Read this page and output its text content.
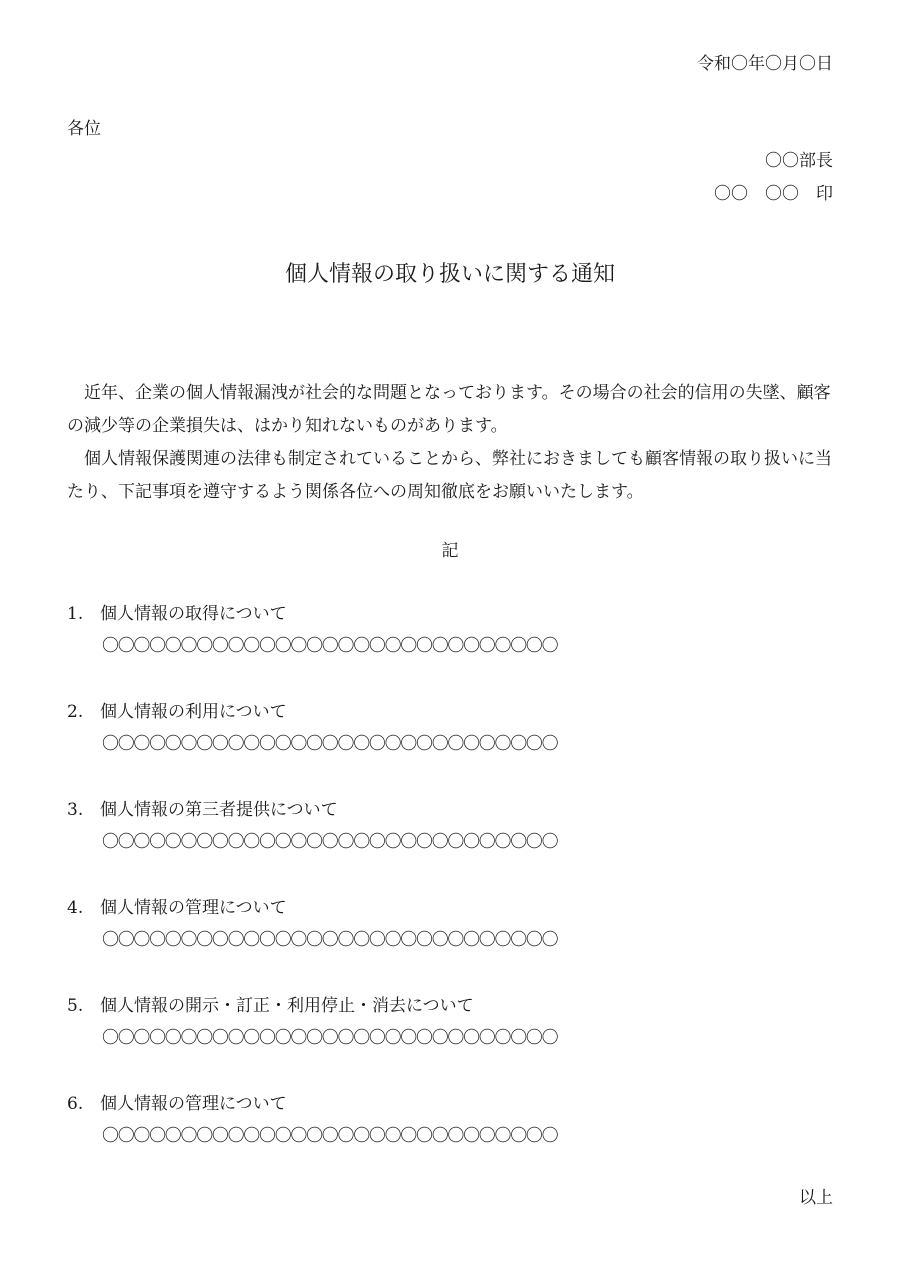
令和〇年〇月〇日
各位
〇〇部長
〇〇　〇〇　印
個人情報の取り扱いに関する通知

近年、企業の個人情報漏洩が社会的な問題となっております。その場合の社会的信用の失墜、顧客の減少等の企業損失は、はかり知れないものがあります。

個人情報保護関連の法律も制定されていることから、弊社におきましても顧客情報の取り扱いに当たり、下記事項を遵守するよう関係各位への周知徹底をお願いいたします。

記
1. 個人情報の取得について
〇〇〇〇〇〇〇〇〇〇〇〇〇〇〇〇〇〇〇〇〇〇〇〇〇〇〇〇〇
2. 個人情報の利用について
〇〇〇〇〇〇〇〇〇〇〇〇〇〇〇〇〇〇〇〇〇〇〇〇〇〇〇〇〇
3. 個人情報の第三者提供について
〇〇〇〇〇〇〇〇〇〇〇〇〇〇〇〇〇〇〇〇〇〇〇〇〇〇〇〇〇
4. 個人情報の管理について
〇〇〇〇〇〇〇〇〇〇〇〇〇〇〇〇〇〇〇〇〇〇〇〇〇〇〇〇〇
5. 個人情報の開示・訂正・利用停止・消去について
〇〇〇〇〇〇〇〇〇〇〇〇〇〇〇〇〇〇〇〇〇〇〇〇〇〇〇〇〇
6. 個人情報の管理について
〇〇〇〇〇〇〇〇〇〇〇〇〇〇〇〇〇〇〇〇〇〇〇〇〇〇〇〇〇
以上
